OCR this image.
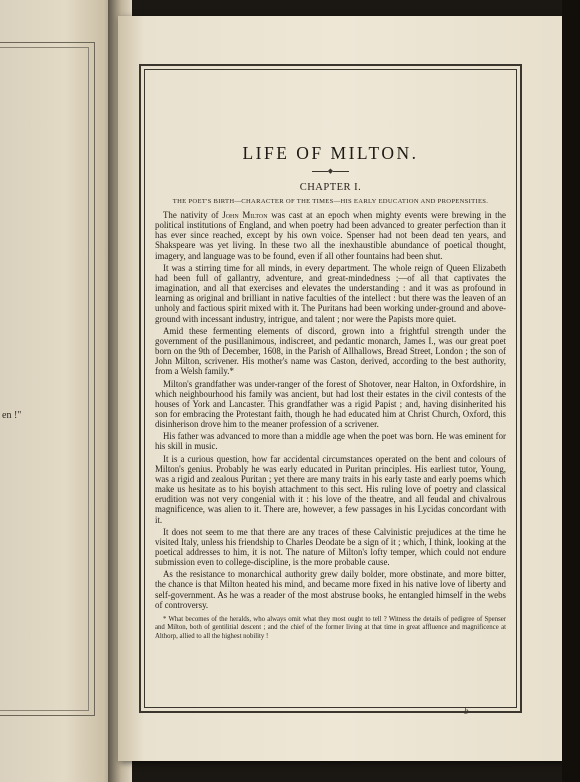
en !"
LIFE OF MILTON.
◆
CHAPTER I.
THE POET'S BIRTH—CHARACTER OF THE TIMES—HIS EARLY EDUCATION AND PROPENSITIES.

The nativity of John Milton was cast at an epoch when mighty events were brewing in the political institutions of England, and when poetry had been advanced to greater perfection than it has ever since reached, except by his own voice. Spenser had not been dead ten years, and Shakspeare was yet living. In these two all the inexhaustible abundance of poetical thought, imagery, and language was to be found, even if all other fountains had been shut.

It was a stirring time for all minds, in every department. The whole reign of Queen Elizabeth had been full of gallantry, adventure, and great-mindedness ;—of all that captivates the imagination, and all that exercises and elevates the understanding : and it was as profound in learning as original and brilliant in native faculties of the intellect : but there was the leaven of an unholy and factious spirit mixed with it. The Puritans had been working under-ground and above-ground with incessant industry, intrigue, and talent ; nor were the Papists more quiet.

Amid these fermenting elements of discord, grown into a frightful strength under the government of the pusillanimous, indiscreet, and pedantic monarch, James I., was our great poet born on the 9th of December, 1608, in the Parish of Allhallows, Bread Street, London ; the son of John Milton, scrivener. His mother's name was Caston, derived, according to the best authority, from a Welsh family.*

Milton's grandfather was under-ranger of the forest of Shotover, near Halton, in Oxfordshire, in which neighbourhood his family was ancient, but had lost their estates in the civil contests of the houses of York and Lancaster. This grandfather was a rigid Papist ; and, having disinherited his son for embracing the Protestant faith, though he had educated him at Christ Church, Oxford, this disinherison drove him to the meaner profession of a scrivener.

His father was advanced to more than a middle age when the poet was born. He was eminent for his skill in music.

It is a curious question, how far accidental circumstances operated on the bent and colours of Milton's genius. Probably he was early educated in Puritan principles. His earliest tutor, Young, was a rigid and zealous Puritan ; yet there are many traits in his early taste and early poems which make us hesitate as to his boyish attachment to this sect. His ruling love of poetry and classical erudition was not very congenial with it : his love of the theatre, and all feudal and chivalrous magnificence, was alien to it. There are, however, a few passages in his Lycidas concordant with it.

It does not seem to me that there are any traces of these Calvinistic prejudices at the time he visited Italy, unless his friendship to Charles Deodate be a sign of it ; which, I think, looking at the poetical addresses to him, it is not. The nature of Milton's lofty temper, which could not endure submission even to college-discipline, is the more probable cause.

As the resistance to monarchical authority grew daily bolder, more obstinate, and more bitter, the chance is that Milton heated his mind, and became more fixed in his native love of liberty and self-government. As he was a reader of the most abstruse books, he entangled himself in the webs of controversy.

* What becomes of the heralds, who always omit what they most ought to tell ? Witness the details of pedigree of Spenser and Milton, both of gentilitial descent ; and the chief of the former living at that time in great affluence and magnificence at Althorp, allied to all the highest nobility !
b
